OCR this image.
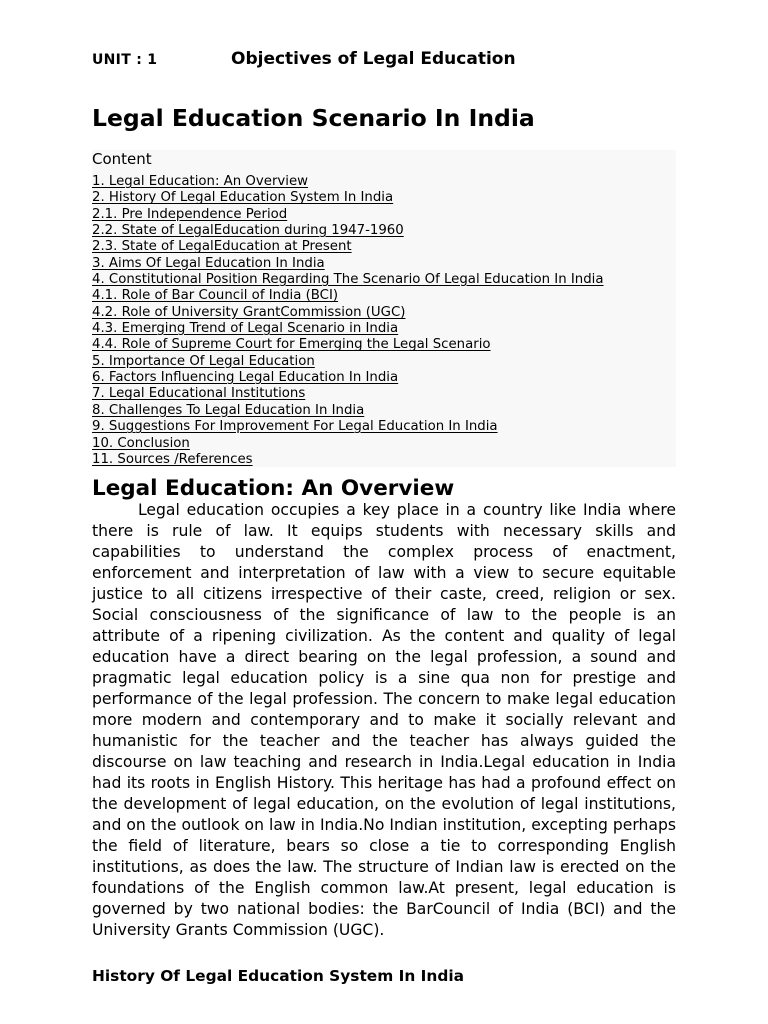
UNIT : 1	Objectives of Legal Education
Legal Education Scenario In India
Content
1. Legal Education: An Overview
2. History Of Legal Education System In India
2.1. Pre Independence Period
2.2. State of LegalEducation during 1947-1960
2.3. State of LegalEducation at Present
3. Aims Of Legal Education In India
4. Constitutional Position Regarding The Scenario Of Legal Education In India
4.1. Role of Bar Council of India (BCI)
4.2. Role of University GrantCommission (UGC)
4.3. Emerging Trend of Legal Scenario in India
4.4. Role of Supreme Court for Emerging the Legal Scenario
5. Importance Of Legal Education
6. Factors Influencing Legal Education In India
7. Legal Educational Institutions
8. Challenges To Legal Education In India
9. Suggestions For Improvement For Legal Education In India
10. Conclusion
11. Sources /References
Legal Education: An Overview

Legal education occupies a key place in a country like India where there is rule of law. It equips students with necessary skills and capabilities to understand the complex process of enactment, enforcement and interpretation of law with a view to secure equitable justice to all citizens irrespective of their caste, creed, religion or sex. Social consciousness of the significance of law to the people is an attribute of a ripening civilization. As the content and quality of legal education have a direct bearing on the legal profession, a sound and pragmatic legal education policy is a sine qua non for prestige and performance of the legal profession. The concern to make legal education more modern and contemporary and to make it socially relevant and humanistic for the teacher and the teacher has always guided the discourse on law teaching and research in India.Legal education in India had its roots in English History. This heritage has had a profound effect on the development of legal education, on the evolution of legal institutions, and on the outlook on law in India.No Indian institution, excepting perhaps the field of literature, bears so close a tie to corresponding English institutions, as does the law. The structure of Indian law is erected on the foundations of the English common law.At present, legal education is governed by two national bodies: the BarCouncil of India (BCI) and the University Grants Commission (UGC).

History Of Legal Education System In India
